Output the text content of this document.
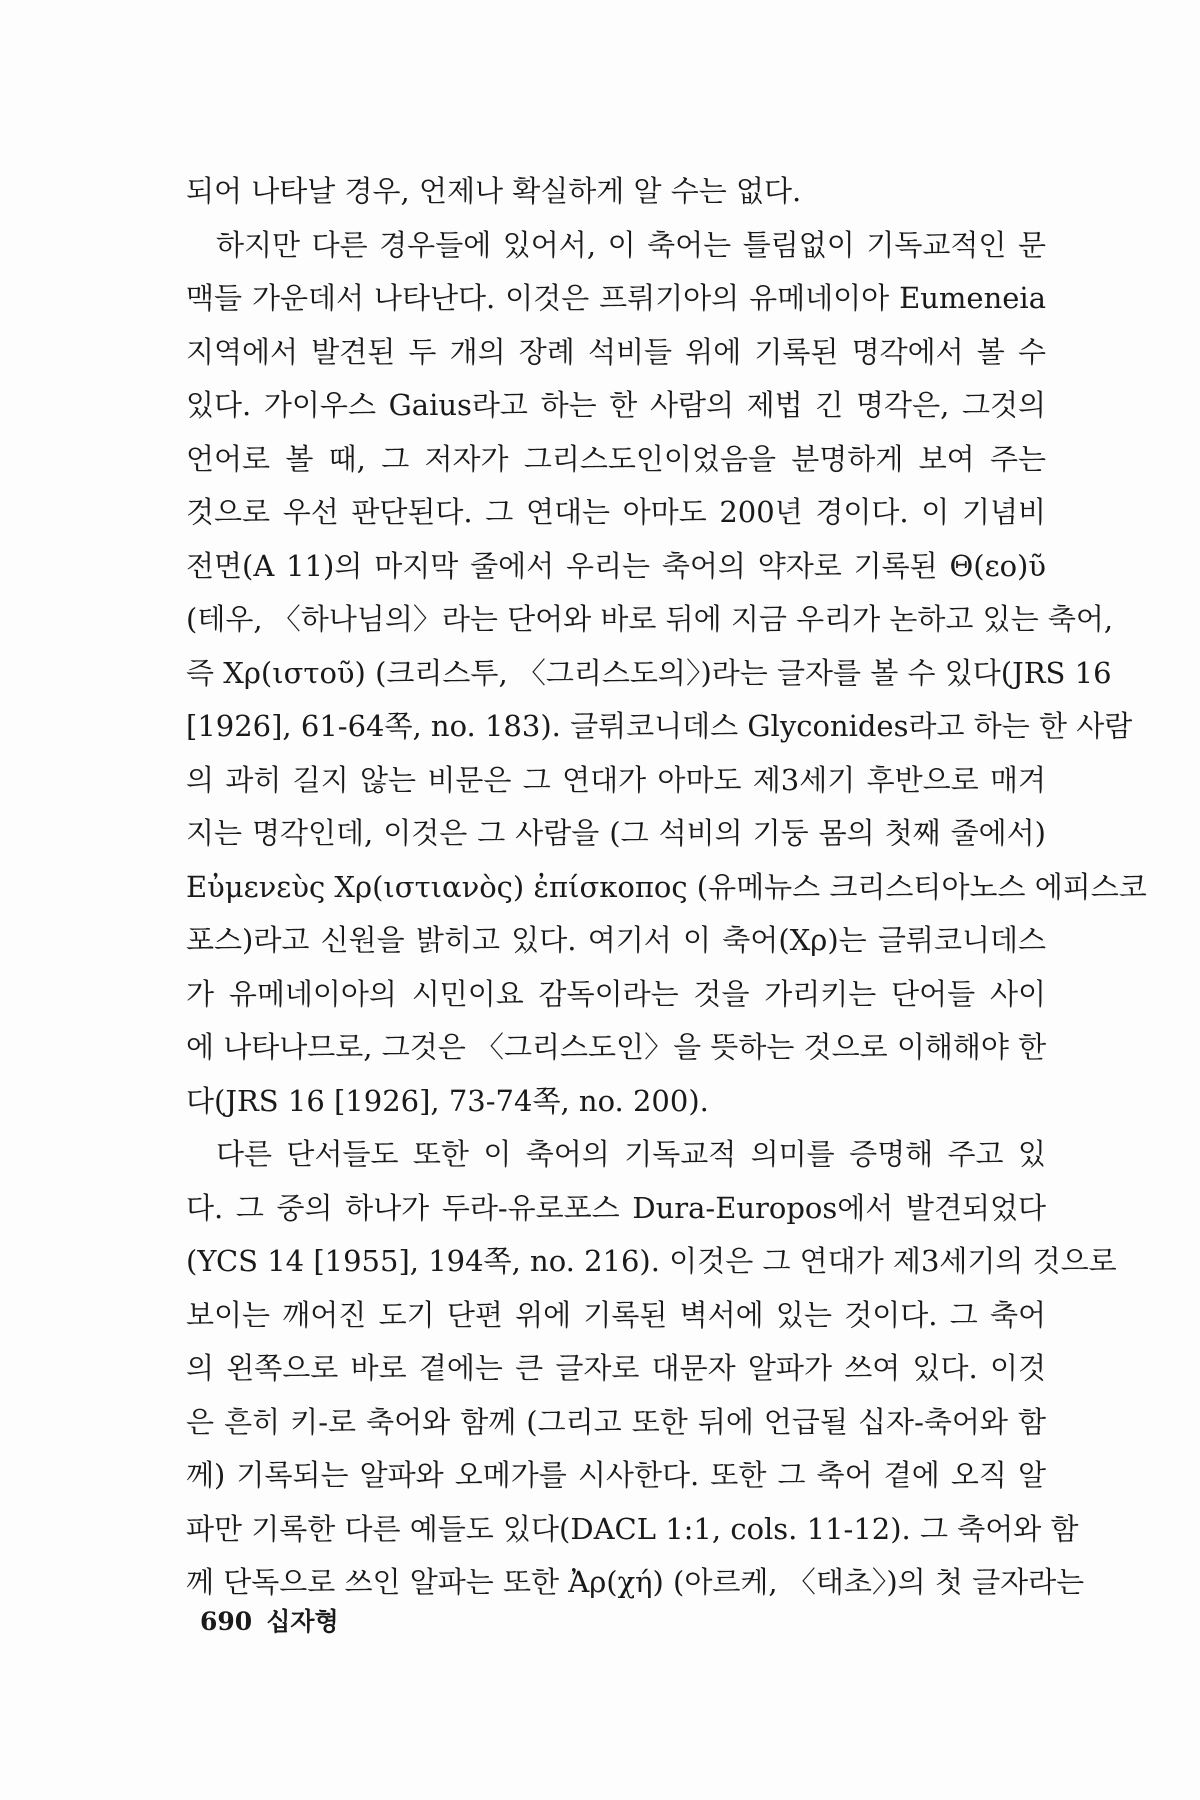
되어 나타날 경우, 언제나 확실하게 알 수는 없다.
하지만 다른 경우들에 있어서, 이 축어는 틀림없이 기독교적인 문
맥들 가운데서 나타난다. 이것은 프뤼기아의 유메네이아 Eumeneia
지역에서 발견된 두 개의 장례 석비들 위에 기록된 명각에서 볼 수
있다. 가이우스 Gaius라고 하는 한 사람의 제법 긴 명각은, 그것의
언어로 볼 때, 그 저자가 그리스도인이었음을 분명하게 보여 주는
것으로 우선 판단된다. 그 연대는 아마도 200년 경이다. 이 기념비
전면(A 11)의 마지막 줄에서 우리는 축어의 약자로 기록된 Θ(εο)ῦ
(테우, 〈하나님의〉라는 단어와 바로 뒤에 지금 우리가 논하고 있는 축어,
즉 Χρ(ιστοῦ) (크리스투, 〈그리스도의〉)라는 글자를 볼 수 있다(JRS 16
[1926], 61-64쪽, no. 183). 글뤼코니데스 Glyconides라고 하는 한 사람
의 과히 길지 않는 비문은 그 연대가 아마도 제3세기 후반으로 매겨
지는 명각인데, 이것은 그 사람을 (그 석비의 기둥 몸의 첫째 줄에서)
Εὐμενεὺς Χρ(ιστιανὸς) ἐπίσκοπος (유메뉴스 크리스티아노스 에피스코
포스)라고 신원을 밝히고 있다. 여기서 이 축어(Χρ)는 글뤼코니데스
가 유메네이아의 시민이요 감독이라는 것을 가리키는 단어들 사이
에 나타나므로, 그것은 〈그리스도인〉을 뜻하는 것으로 이해해야 한
다(JRS 16 [1926], 73-74쪽, no. 200).
다른 단서들도 또한 이 축어의 기독교적 의미를 증명해 주고 있
다. 그 중의 하나가 두라-유로포스 Dura-Europos에서 발견되었다
(YCS 14 [1955], 194쪽, no. 216). 이것은 그 연대가 제3세기의 것으로
보이는 깨어진 도기 단편 위에 기록된 벽서에 있는 것이다. 그 축어
의 왼쪽으로 바로 곁에는 큰 글자로 대문자 알파가 쓰여 있다. 이것
은 흔히 키-로 축어와 함께 (그리고 또한 뒤에 언급될 십자-축어와 함
께) 기록되는 알파와 오메가를 시사한다. 또한 그 축어 곁에 오직 알
파만 기록한 다른 예들도 있다(DACL 1:1, cols. 11-12). 그 축어와 함
께 단독으로 쓰인 알파는 또한 Ἀρ(χή) (아르케, 〈태초〉)의 첫 글자라는
690 십자형
